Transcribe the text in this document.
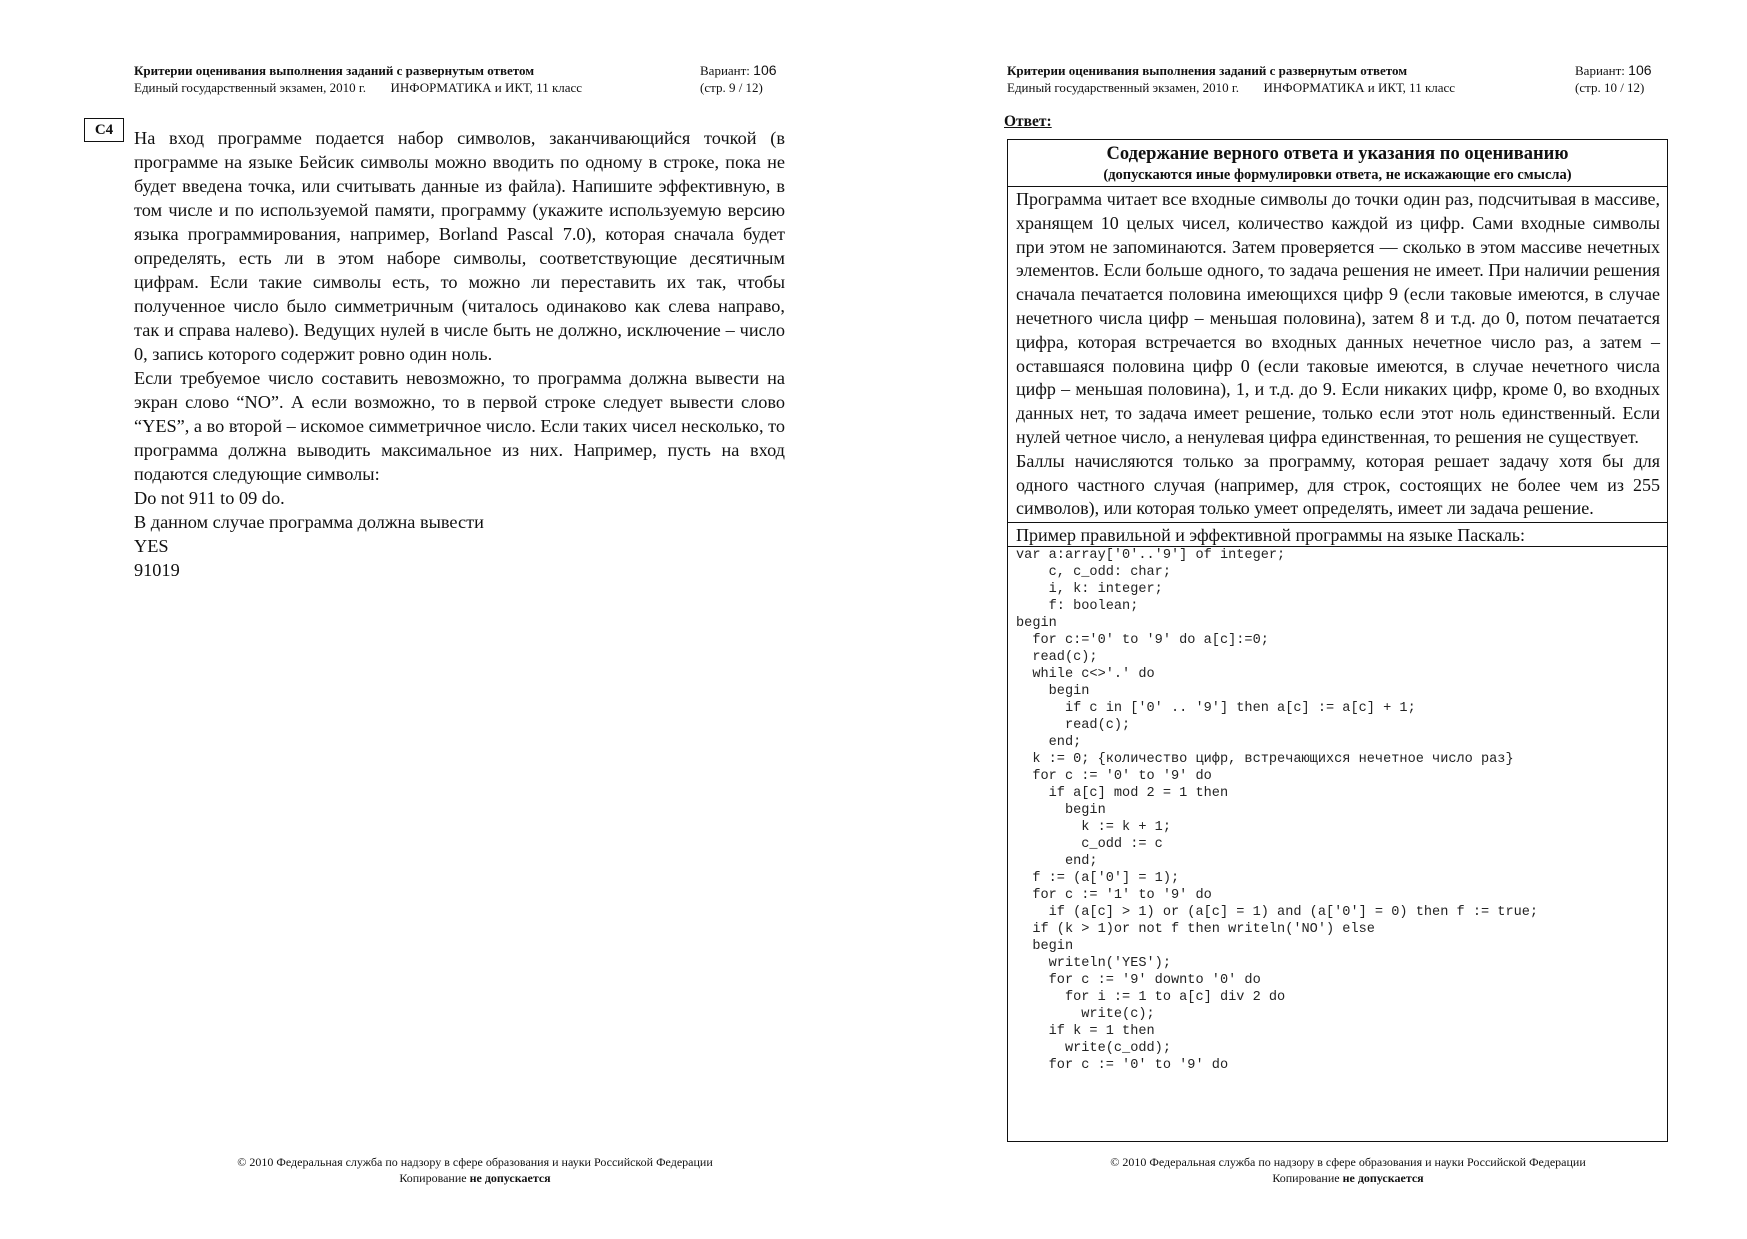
Критерии оценивания выполнения заданий с развернутым ответом
Единый государственный экзамен, 2010 г. ИНФОРМАТИКА и ИКТ, 11 класс
Вариант: 106
(стр. 9 / 12)
C4	На вход программе подается набор символов, заканчивающийся точкой (в программе на языке Бейсик символы можно вводить по одному в строке, пока не будет введена точка, или считывать данные из файла). Напишите эффективную, в том числе и по используемой памяти, программу (укажите используемую версию языка программирования, например, Borland Pascal 7.0), которая сначала будет определять, есть ли в этом наборе символы, соответствующие десятичным цифрам. Если такие символы есть, то можно ли переставить их так, чтобы полученное число было симметричным (читалось одинаково как слева направо, так и справа налево). Ведущих нулей в числе быть не должно, исключение – число 0, запись которого содержит ровно один ноль.

Если требуемое число составить невозможно, то программа должна вывести на экран слово “NO”. А если возможно, то в первой строке следует вывести слово “YES”, а во второй – искомое симметричное число. Если таких чисел несколько, то программа должна выводить максимальное из них. Например, пусть на вход подаются следующие символы:

Do not 911 to 09 do.

В данном случае программа должна вывести

YES

91019

© 2010 Федеральная служба по надзору в сфере образования и науки Российской Федерации
Копирование не допускается
Критерии оценивания выполнения заданий с развернутым ответом
Единый государственный экзамен, 2010 г. ИНФОРМАТИКА и ИКТ, 11 класс
Вариант: 106
(стр. 10 / 12)
© 2010 Федеральная служба по надзору в сфере образования и науки Российской Федерации
Копирование не допускается
Ответ:
Содержание верного ответа и указания по оцениванию
(допускаются иные формулировки ответа, не искажающие его смысла)

Программа читает все входные символы до точки один раз, подсчитывая в массиве, хранящем 10 целых чисел, количество каждой из цифр. Сами входные символы при этом не запоминаются. Затем проверяется — сколько в этом массиве нечетных элементов. Если больше одного, то задача решения не имеет. При наличии решения сначала печатается половина имеющихся цифр 9 (если таковые имеются, в случае нечетного числа цифр – меньшая половина), затем 8 и т.д. до 0, потом печатается цифра, которая встречается во входных данных нечетное число раз, а затем – оставшаяся половина цифр 0 (если таковые имеются, в случае нечетного числа цифр – меньшая половина), 1, и т.д. до 9. Если никаких цифр, кроме 0, во входных данных нет, то задача имеет решение, только если этот ноль единственный. Если нулей четное число, а ненулевая цифра единственная, то решения не существует.

Баллы начисляются только за программу, которая решает задачу хотя бы для одного частного случая (например, для строк, состоящих не более чем из 255 символов), или которая только умеет определять, имеет ли задача решение.

Пример правильной и эффективной программы на языке Паскаль:
var a:array['0'..'9'] of integer;
c, c_odd: char;
i, k: integer;
f: boolean;
begin
for c:='0' to '9' do a[c]:=0;
read(c);
while c<>'.' do
begin
if c in ['0' .. '9'] then a[c] := a[c] + 1;
read(c);
end;
k := 0; {количество цифр, встречающихся нечетное число раз}
for c := '0' to '9' do
if a[c] mod 2 = 1 then
begin
k := k + 1;
c_odd := c
end;
f := (a['0'] = 1);
for c := '1' to '9' do
if (a[c] > 1) or (a[c] = 1) and (a['0'] = 0) then f := true;
if (k > 1)or not f then writeln('NO') else
begin
writeln('YES');
for c := '9' downto '0' do
for i := 1 to a[c] div 2 do
write(c);
if k = 1 then
write(c_odd);
for c := '0' to '9' do
